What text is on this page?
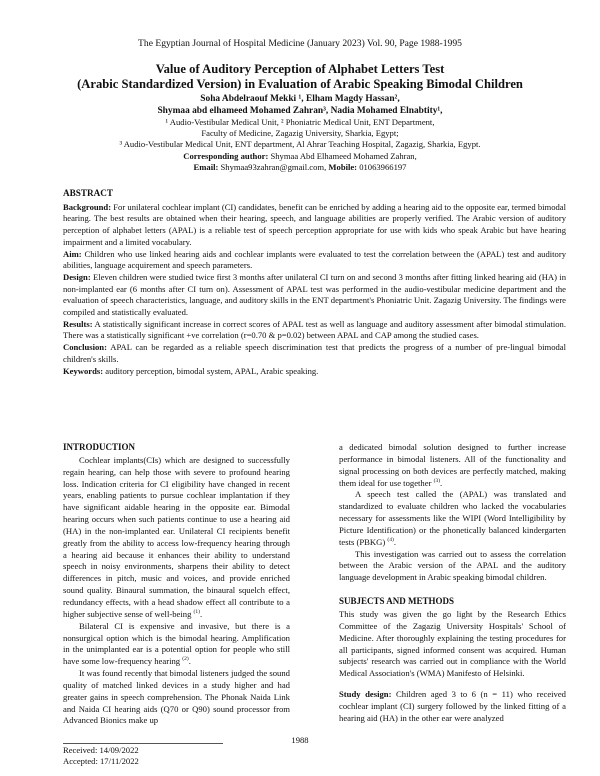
The Egyptian Journal of Hospital Medicine (January 2023) Vol. 90, Page 1988-1995
Value of Auditory Perception of Alphabet Letters Test
(Arabic Standardized Version) in Evaluation of Arabic Speaking Bimodal Children
Soha Abdelraouf Mekki ¹, Elham Magdy Hassan²,
Shymaa abd elhameed Mohamed Zahran³, Nadia Mohamed Elnabtity¹,
¹ Audio-Vestibular Medical Unit, ² Phoniatric Medical Unit, ENT Department,
Faculty of Medicine, Zagazig University, Sharkia, Egypt;
³ Audio-Vestibular Medical Unit, ENT department, Al Ahrar Teaching Hospital, Zagazig, Sharkia, Egypt.
Corresponding author: Shymaa Abd Elhameed Mohamed Zahran,
Email: Shymaa93zahran@gmail.com, Mobile: 01063966197
ABSTRACT
Background: For unilateral cochlear implant (CI) candidates, benefit can be enriched by adding a hearing aid to the opposite ear, termed bimodal hearing. The best results are obtained when their hearing, speech, and language abilities are properly verified. The Arabic version of auditory perception of alphabet letters (APAL) is a reliable test of speech perception appropriate for use with kids who speak Arabic but have hearing impairment and a limited vocabulary.
Aim: Children who use linked hearing aids and cochlear implants were evaluated to test the correlation between the (APAL) test and auditory abilities, language acquirement and speech parameters.
Design: Eleven children were studied twice first 3 months after unilateral CI turn on and second 3 months after fitting linked hearing aid (HA) in non-implanted ear (6 months after CI turn on). Assessment of APAL test was performed in the audio-vestibular medicine department and the evaluation of speech characteristics, language, and auditory skills in the ENT department's Phoniatric Unit. Zagazig University. The findings were compiled and statistically evaluated.
Results: A statistically significant increase in correct scores of APAL test as well as language and auditory assessment after bimodal stimulation. There was a statistically significant +ve correlation (r=0.70 & p=0.02) between APAL and CAP among the studied cases.
Conclusion: APAL can be regarded as a reliable speech discrimination test that predicts the progress of a number of pre-lingual bimodal children's skills.
Keywords: auditory perception, bimodal system, APAL, Arabic speaking.
INTRODUCTION

Cochlear implants(CIs) which are designed to successfully regain hearing, can help those with severe to profound hearing loss. Indication criteria for CI eligibility have changed in recent years, enabling patients to pursue cochlear implantation if they have significant aidable hearing in the opposite ear. Bimodal hearing occurs when such patients continue to use a hearing aid (HA) in the non-implanted ear. Unilateral CI recipients benefit greatly from the ability to access low-frequency hearing through a hearing aid because it enhances their ability to understand speech in noisy environments, sharpens their ability to detect differences in pitch, music and voices, and provide enriched sound quality. Binaural summation, the binaural squelch effect, redundancy effects, with a head shadow effect all contribute to a higher subjective sense of well-being $^{(1)}$.

Bilateral CI is expensive and invasive, but there is a nonsurgical option which is the bimodal hearing. Amplification in the unimplanted ear is a potential option for people who still have some low-frequency hearing $^{(2)}$.

It was found recently that bimodal listeners judged the sound quality of matched linked devices in a study higher and had greater gains in speech comprehension. The Phonak Naida Link and Naida CI hearing aids (Q70 or Q90) sound processor from Advanced Bionics make up

a dedicated bimodal solution designed to further increase performance in bimodal listeners. All of the functionality and signal processing on both devices are perfectly matched, making them ideal for use together $^{(3)}$.

A speech test called the (APAL) was translated and standardized to evaluate children who lacked the vocabularies necessary for assessments like the WIPI (Word Intelligibility by Picture Identification) or the phonetically balanced kindergarten tests (PBKG) $^{(4)}$.

This investigation was carried out to assess the correlation between the Arabic version of the APAL and the auditory language development in Arabic speaking bimodal children.

SUBJECTS AND METHODS

This study was given the go light by the Research Ethics Committee of the Zagazig University Hospitals' School of Medicine. After thoroughly explaining the testing procedures for all participants, signed informed consent was acquired. Human subjects' research was carried out in compliance with the World Medical Association's (WMA) Manifesto of Helsinki.

Study design: Children aged 3 to 6 (n = 11) who received cochlear implant (CI) surgery followed by the linked fitting of a hearing aid (HA) in the other ear were analyzed

1988
Received: 14/09/2022
Accepted: 17/11/2022
